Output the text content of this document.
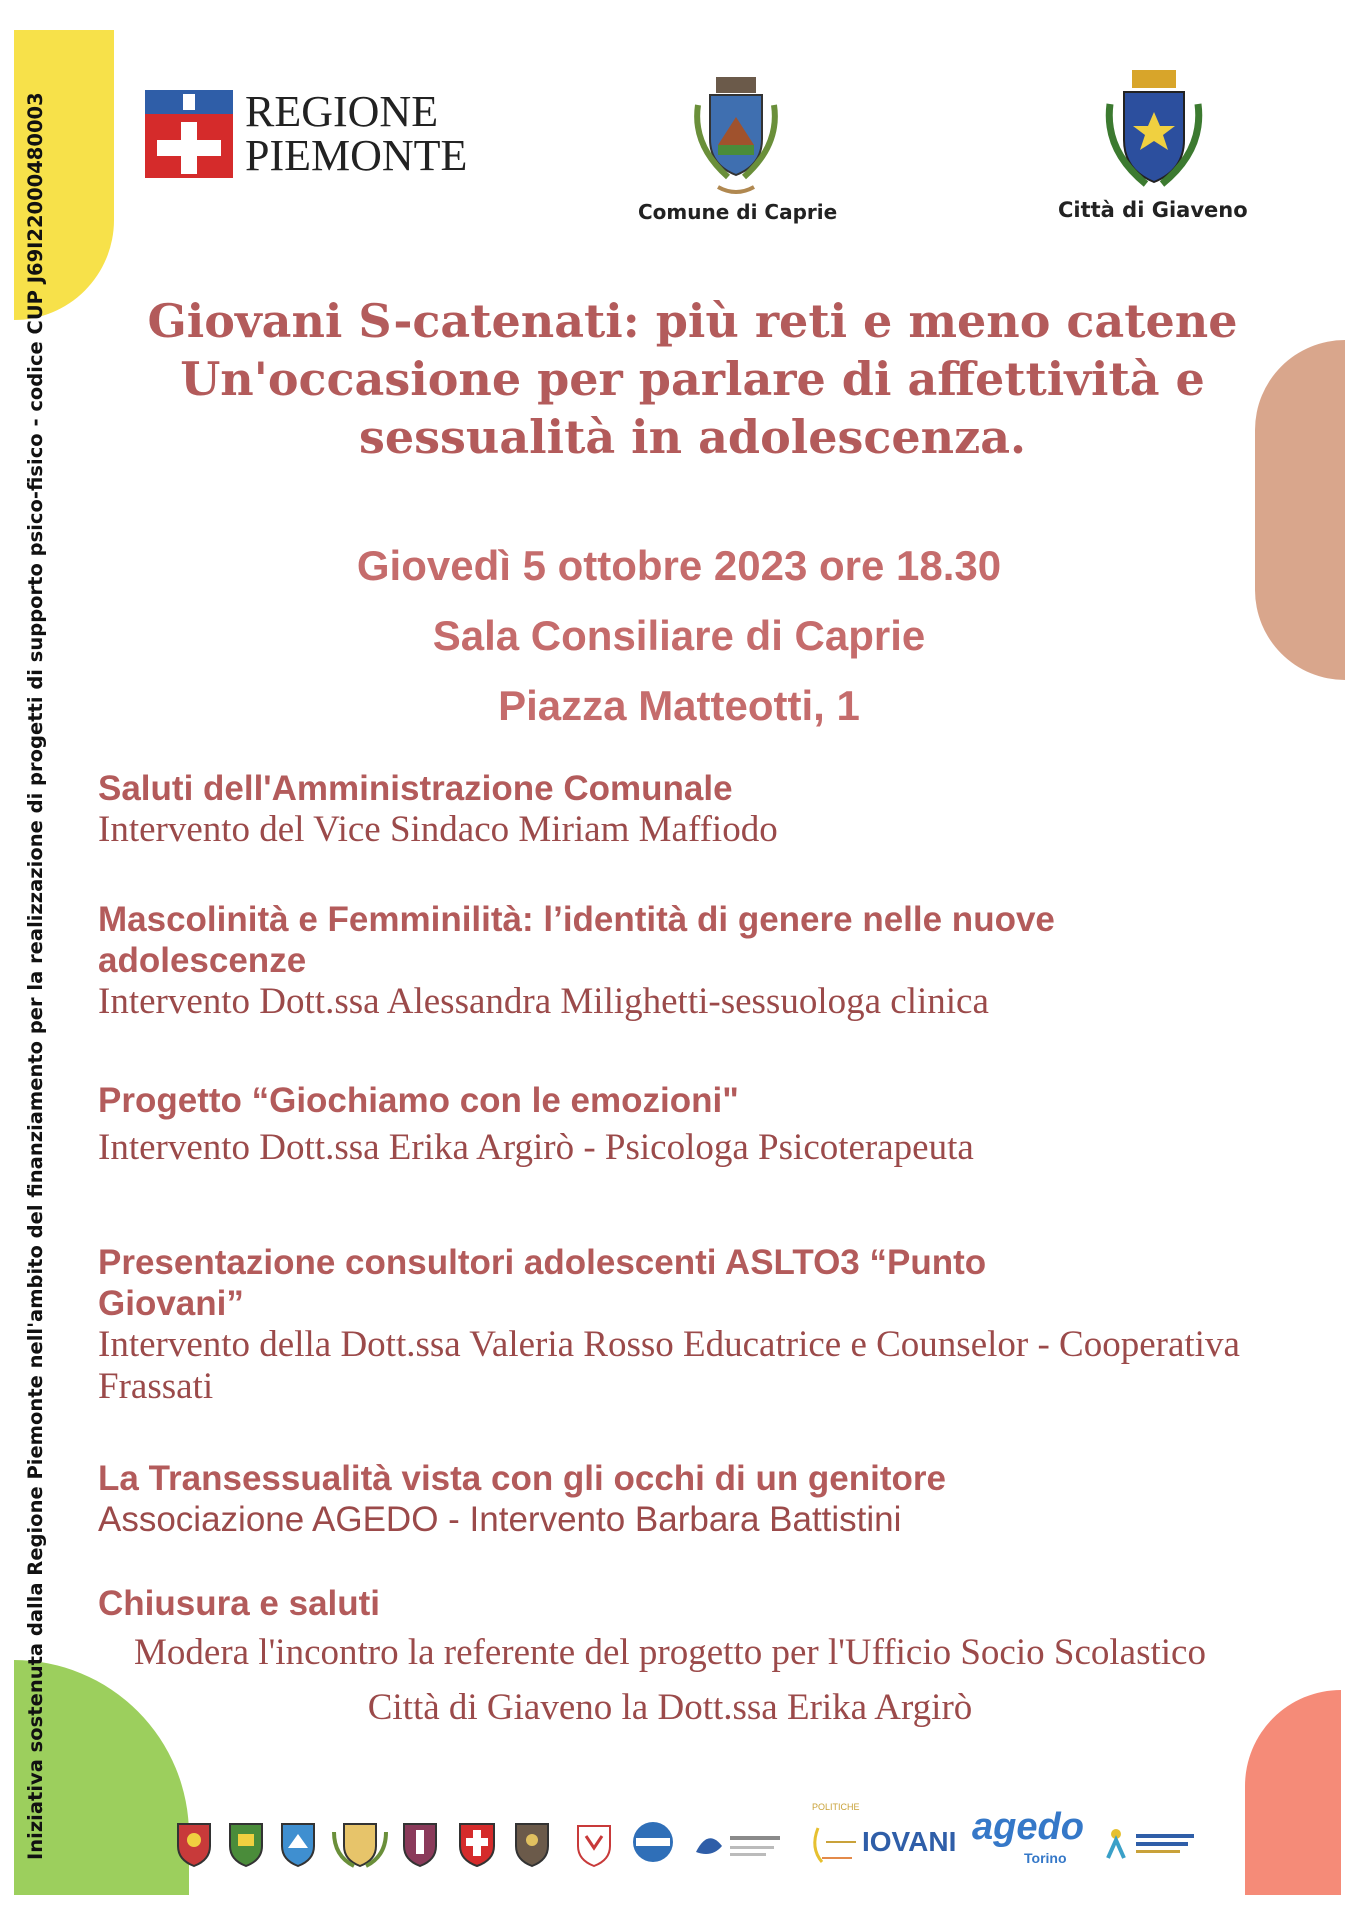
Iniziativa sostenuta dalla Regione Piemonte nell'ambito del finanziamento per la realizzazione di progetti di supporto psico-fisico - codice CUP J69I22000480003	REGIONE
PIEMONTE
Comune di Caprie	Città di Giaveno
Giovani S-catenati: più reti e meno catene
Un'occasione per parlare di affettività e
sessualità in adolescenza.
Giovedì 5 ottobre 2023 ore 18.30
Sala Consiliare di Caprie
Piazza Matteotti, 1
Saluti dell'Amministrazione Comunale
Intervento del Vice Sindaco Miriam Maffiodo
Mascolinità e Femminilità: l’identità di genere nelle nuove adolescenze
Intervento Dott.ssa Alessandra Milighetti-sessuologa clinica
Progetto “Giochiamo con le emozioni"
Intervento Dott.ssa Erika Argirò - Psicologa Psicoterapeuta
Presentazione consultori adolescenti ASLTO3 “Punto Giovani”
Intervento della Dott.ssa Valeria Rosso Educatrice e Counselor - Cooperativa Frassati
La Transessualità vista con gli occhi di un genitore
Associazione AGEDO - Intervento Barbara Battistini
Chiusura e saluti
Modera l'incontro la referente del progetto per l'Ufficio Socio Scolastico Città di Giaveno la Dott.ssa Erika Argirò
POLITICHE
IOVANI agedo
Torino
